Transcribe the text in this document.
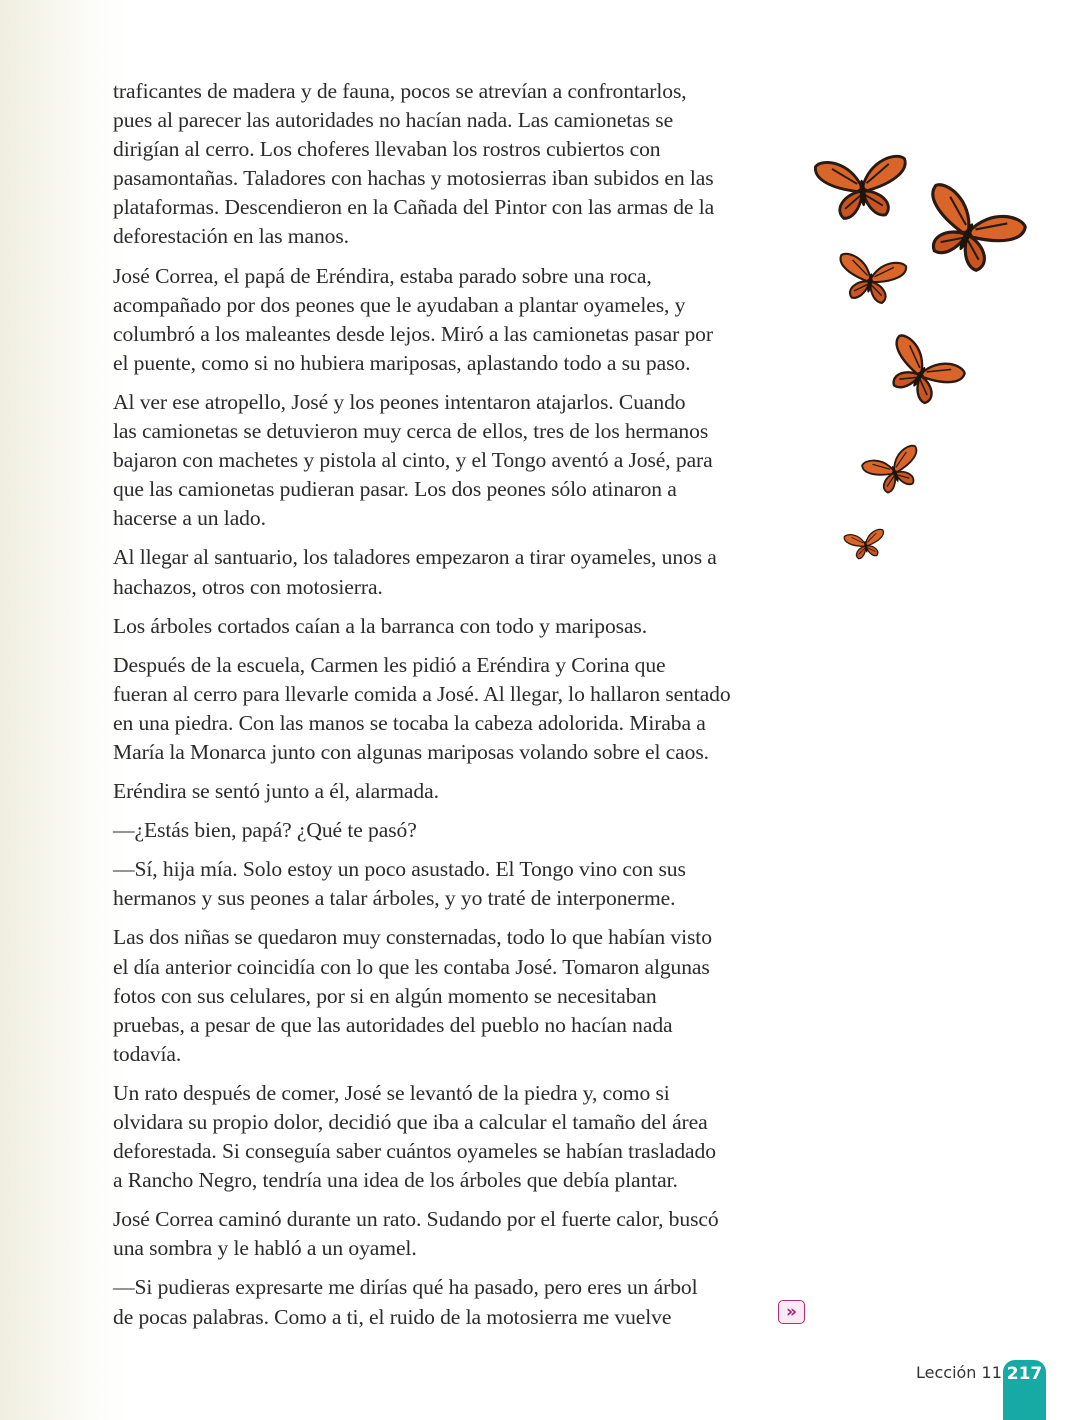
traficantes de madera y de fauna, pocos se atrevían a confrontarlos,
pues al parecer las autoridades no hacían nada. Las camionetas se
dirigían al cerro. Los choferes llevaban los rostros cubiertos con
pasamontañas. Taladores con hachas y motosierras iban subidos en las
plataformas. Descendieron en la Cañada del Pintor con las armas de la
deforestación en las manos.
José Correa, el papá de Eréndira, estaba parado sobre una roca,
acompañado por dos peones que le ayudaban a plantar oyameles, y
columbró a los maleantes desde lejos. Miró a las camionetas pasar por
el puente, como si no hubiera mariposas, aplastando todo a su paso.
Al ver ese atropello, José y los peones intentaron atajarlos. Cuando
las camionetas se detuvieron muy cerca de ellos, tres de los hermanos
bajaron con machetes y pistola al cinto, y el Tongo aventó a José, para
que las camionetas pudieran pasar. Los dos peones sólo atinaron a
hacerse a un lado.
Al llegar al santuario, los taladores empezaron a tirar oyameles, unos a
hachazos, otros con motosierra.
Los árboles cortados caían a la barranca con todo y mariposas.
Después de la escuela, Carmen les pidió a Eréndira y Corina que
fueran al cerro para llevarle comida a José. Al llegar, lo hallaron sentado
en una piedra. Con las manos se tocaba la cabeza adolorida. Miraba a
María la Monarca junto con algunas mariposas volando sobre el caos.
Eréndira se sentó junto a él, alarmada.
—¿Estás bien, papá? ¿Qué te pasó?
—Sí, hija mía. Solo estoy un poco asustado. El Tongo vino con sus
hermanos y sus peones a talar árboles, y yo traté de interponerme.
Las dos niñas se quedaron muy consternadas, todo lo que habían visto
el día anterior coincidía con lo que les contaba José. Tomaron algunas
fotos con sus celulares, por si en algún momento se necesitaban
pruebas, a pesar de que las autoridades del pueblo no hacían nada
todavía.
Un rato después de comer, José se levantó de la piedra y, como si
olvidara su propio dolor, decidió que iba a calcular el tamaño del área
deforestada. Si conseguía saber cuántos oyameles se habían trasladado
a Rancho Negro, tendría una idea de los árboles que debía plantar.
José Correa caminó durante un rato. Sudando por el fuerte calor, buscó
una sombra y le habló a un oyamel.
—Si pudieras expresarte me dirías qué ha pasado, pero eres un árbol
de pocas palabras. Como a ti, el ruido de la motosierra me vuelve	»
Lección 11 217
